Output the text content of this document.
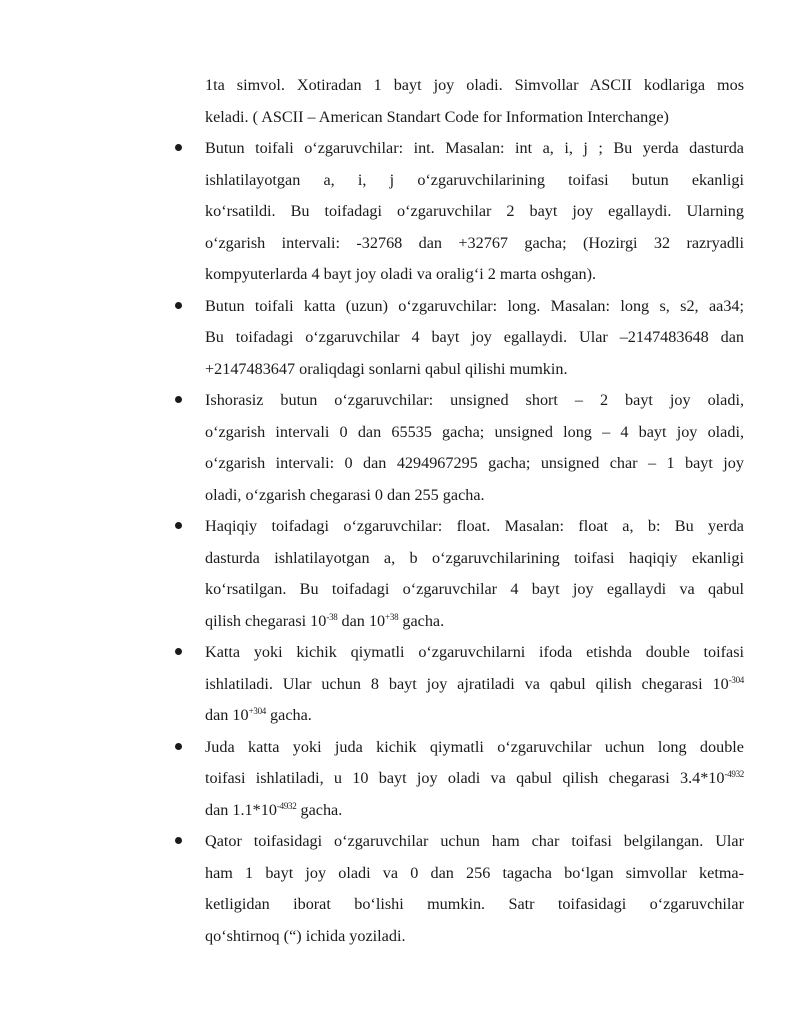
1ta simvol. Xotiradan 1 bayt joy oladi. Simvollar ASCII kodlariga mos
keladi. ( ASCII – American Standart Code for Information Interchange)

Butun toifali o‘zgaruvchilar: int. Masalan: int a, i, j ; Bu yerda dasturda
ishlatilayotgan a, i, j o‘zgaruvchilarining toifasi butun ekanligi
ko‘rsatildi. Bu toifadagi o‘zgaruvchilar 2 bayt joy egallaydi. Ularning
o‘zgarish intervali: -32768 dan +32767 gacha; (Hozirgi 32 razryadli
kompyuterlarda 4 bayt joy oladi va oralig‘i 2 marta oshgan).
Butun toifali katta (uzun) o‘zgaruvchilar: long. Masalan: long s, s2, aa34;
Bu toifadagi o‘zgaruvchilar 4 bayt joy egallaydi. Ular –2147483648 dan
+2147483647 oraliqdagi sonlarni qabul qilishi mumkin.
Ishorasiz butun o‘zgaruvchilar: unsigned short – 2 bayt joy oladi,
o‘zgarish intervali 0 dan 65535 gacha; unsigned long – 4 bayt joy oladi,
o‘zgarish intervali: 0 dan 4294967295 gacha; unsigned char – 1 bayt joy
oladi, o‘zgarish chegarasi 0 dan 255 gacha.
Haqiqiy toifadagi o‘zgaruvchilar: float. Masalan: float a, b: Bu yerda
dasturda ishlatilayotgan a, b o‘zgaruvchilarining toifasi haqiqiy ekanligi
ko‘rsatilgan. Bu toifadagi o‘zgaruvchilar 4 bayt joy egallaydi va qabul
qilish chegarasi $10^{-38}$ dan $10^{+38}$ gacha.
Katta yoki kichik qiymatli o‘zgaruvchilarni ifoda etishda double toifasi
ishlatiladi. Ular uchun 8 bayt joy ajratiladi va qabul qilish chegarasi $10^{-304}$
dan $10^{+304}$ gacha.
Juda katta yoki juda kichik qiymatli o‘zgaruvchilar uchun long double
toifasi ishlatiladi, u 10 bayt joy oladi va qabul qilish chegarasi $3.4*10^{-4932}$
dan $1.1*10^{-4932}$ gacha.
Qator toifasidagi o‘zgaruvchilar uchun ham char toifasi belgilangan. Ular
ham 1 bayt joy oladi va 0 dan 256 tagacha bo‘lgan simvollar ketma-
ketligidan iborat bo‘lishi mumkin. Satr toifasidagi o‘zgaruvchilar
qo‘shtirnoq (“) ichida yoziladi.
